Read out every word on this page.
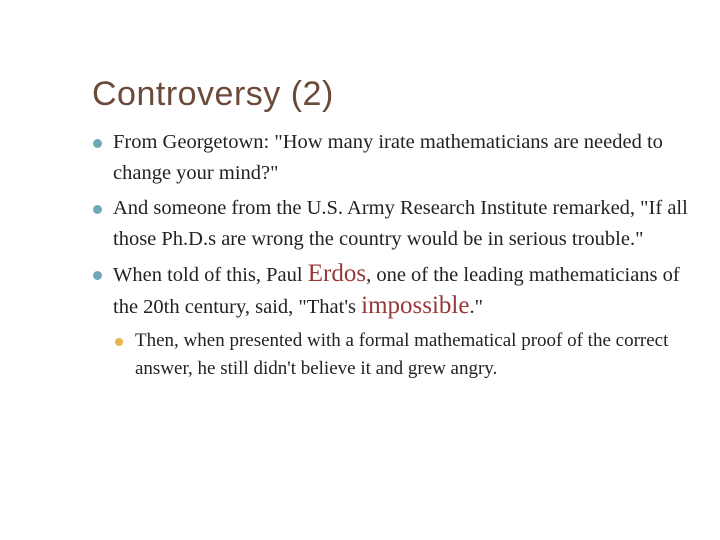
Controversy (2)
From Georgetown: "How many irate mathematicians are needed to change your mind?"
And someone from the U.S. Army Research Institute remarked, "If all those Ph.D.s are wrong the country would be in serious trouble."
When told of this, Paul Erdos, one of the leading mathematicians of the 20th century, said, "That's impossible."
Then, when presented with a formal mathematical proof of the correct answer, he still didn't believe it and grew angry.
